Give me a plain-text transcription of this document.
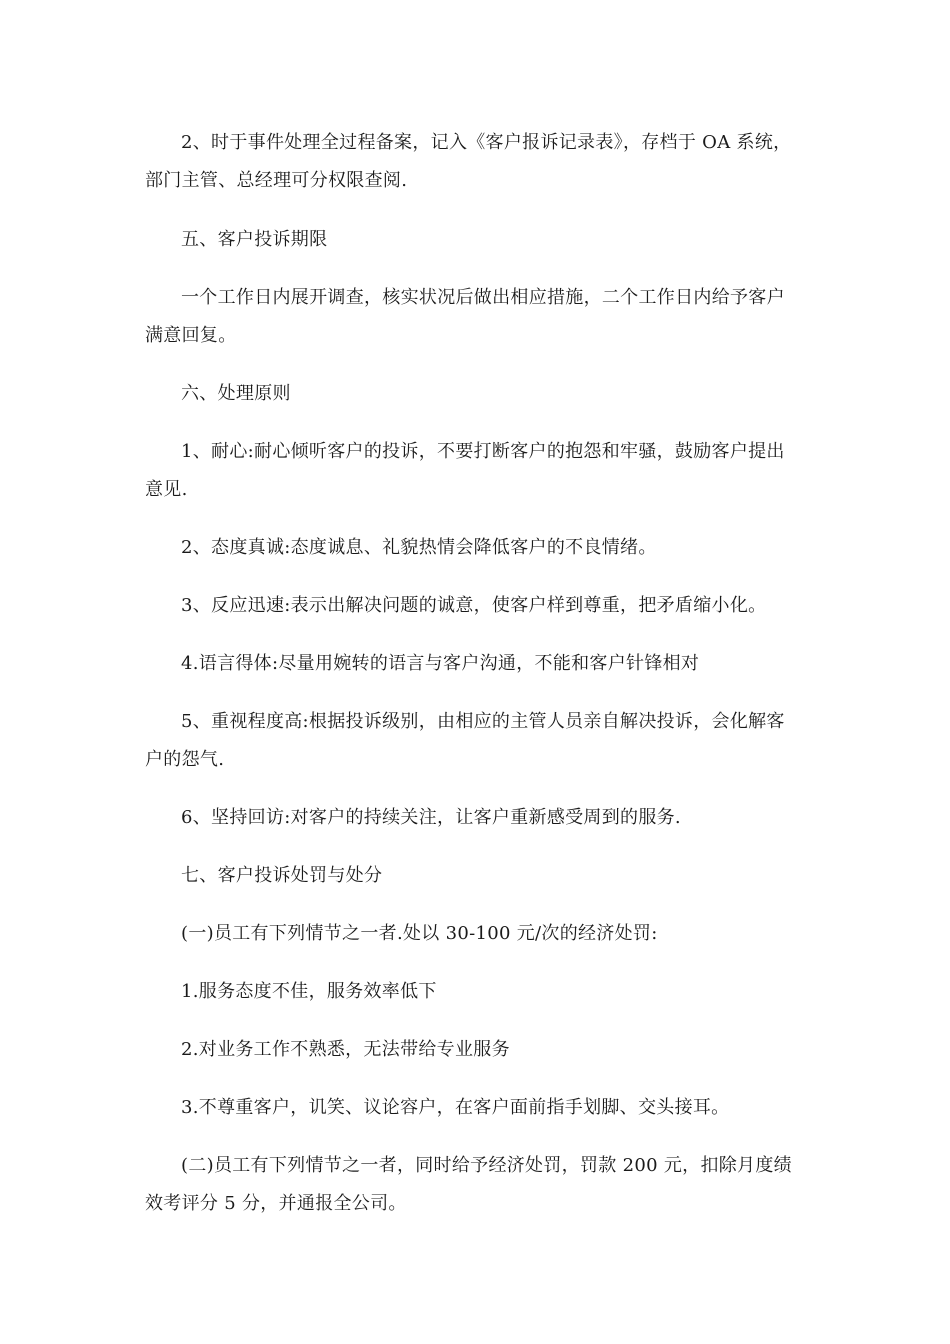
2、时于事件处理全过程备案，记入《客户报诉记录表》，存档于 OA 系统，
部门主管、总经理可分权限查阅.
五、客户投诉期限
一个工作日内展开调查，核实状况后做出相应措施，二个工作日内给予客户
满意回复。
六、处理原则
1、耐心:耐心倾听客户的投诉，不要打断客户的抱怨和牢骚，鼓励客户提出
意见.
2、态度真诚:态度诚息、礼貌热情会降低客户的不良情绪。
3、反应迅速:表示出解决问题的诚意，使客户样到尊重，把矛盾缩小化。
4.语言得体:尽量用婉转的语言与客户沟通，不能和客户针锋相对
5、重视程度高:根据投诉级别，由相应的主管人员亲自解决投诉，会化解客
户的怨气.
6、坚持回访:对客户的持续关注，让客户重新感受周到的服务.
七、客户投诉处罚与处分
(一)员工有下列情节之一者.处以 30-100 元/次的经济处罚:
1.服务态度不佳，服务效率低下
2.对业务工作不熟悉，无法带给专业服务
3.不尊重客户，讥笑、议论容户，在客户面前指手划脚、交头接耳。
(二)员工有下列情节之一者，同时给予经济处罚，罚款 200 元，扣除月度绩
效考评分 5 分，并通报全公司。
